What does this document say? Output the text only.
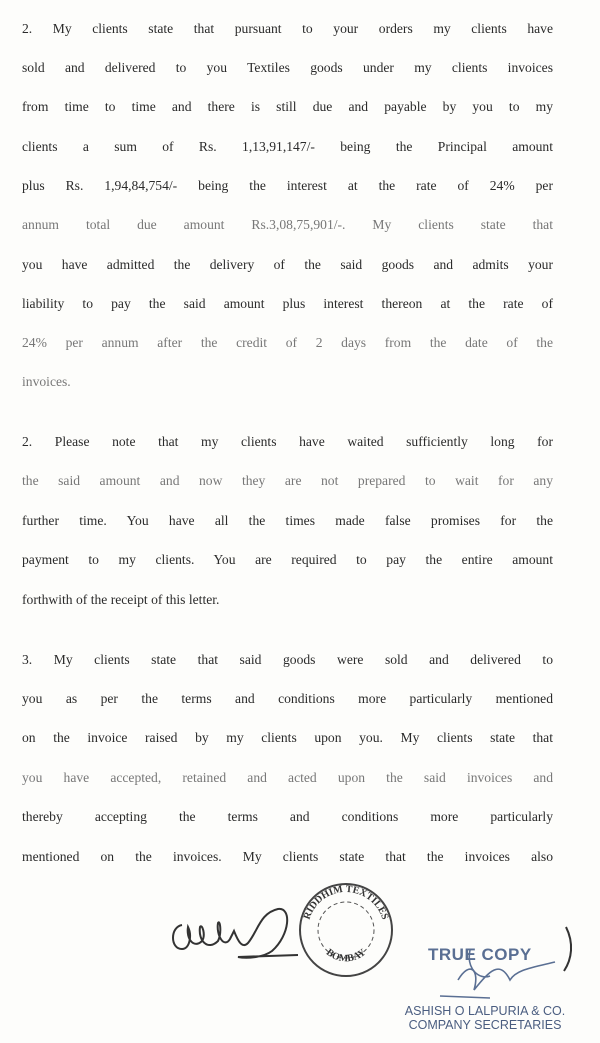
2. My clients state that pursuant to your orders my clients have
sold and delivered to you Textiles goods under my clients invoices
from time to time and there is still due and payable by you to my
clients a sum of Rs. 1,13,91,147/- being the Principal amount
plus Rs. 1,94,84,754/- being the interest at the rate of 24% per
annum total due amount Rs.3,08,75,901/-. My clients state that
you have admitted the delivery of the said goods and admits your
liability to pay the said amount plus interest thereon at the rate of
24% per annum after the credit of 2 days from the date of the
invoices.
2. Please note that my clients have waited sufficiently long for
the said amount and now they are not prepared to wait for any
further time. You have all the times made false promises for the
payment to my clients. You are required to pay the entire amount
forthwith of the receipt of this letter.
3. My clients state that said goods were sold and delivered to
you as per the terms and conditions more particularly mentioned
on the invoice raised by my clients upon you. My clients state that
you have accepted, retained and acted upon the said invoices and
thereby accepting the terms and conditions more particularly
mentioned on the invoices. My clients state that the invoices also
RIDDHIM TEXTILES
BOMBAY	TRUE COPY
ASHISH O LALPURIA & CO.
COMPANY SECRETARIES
